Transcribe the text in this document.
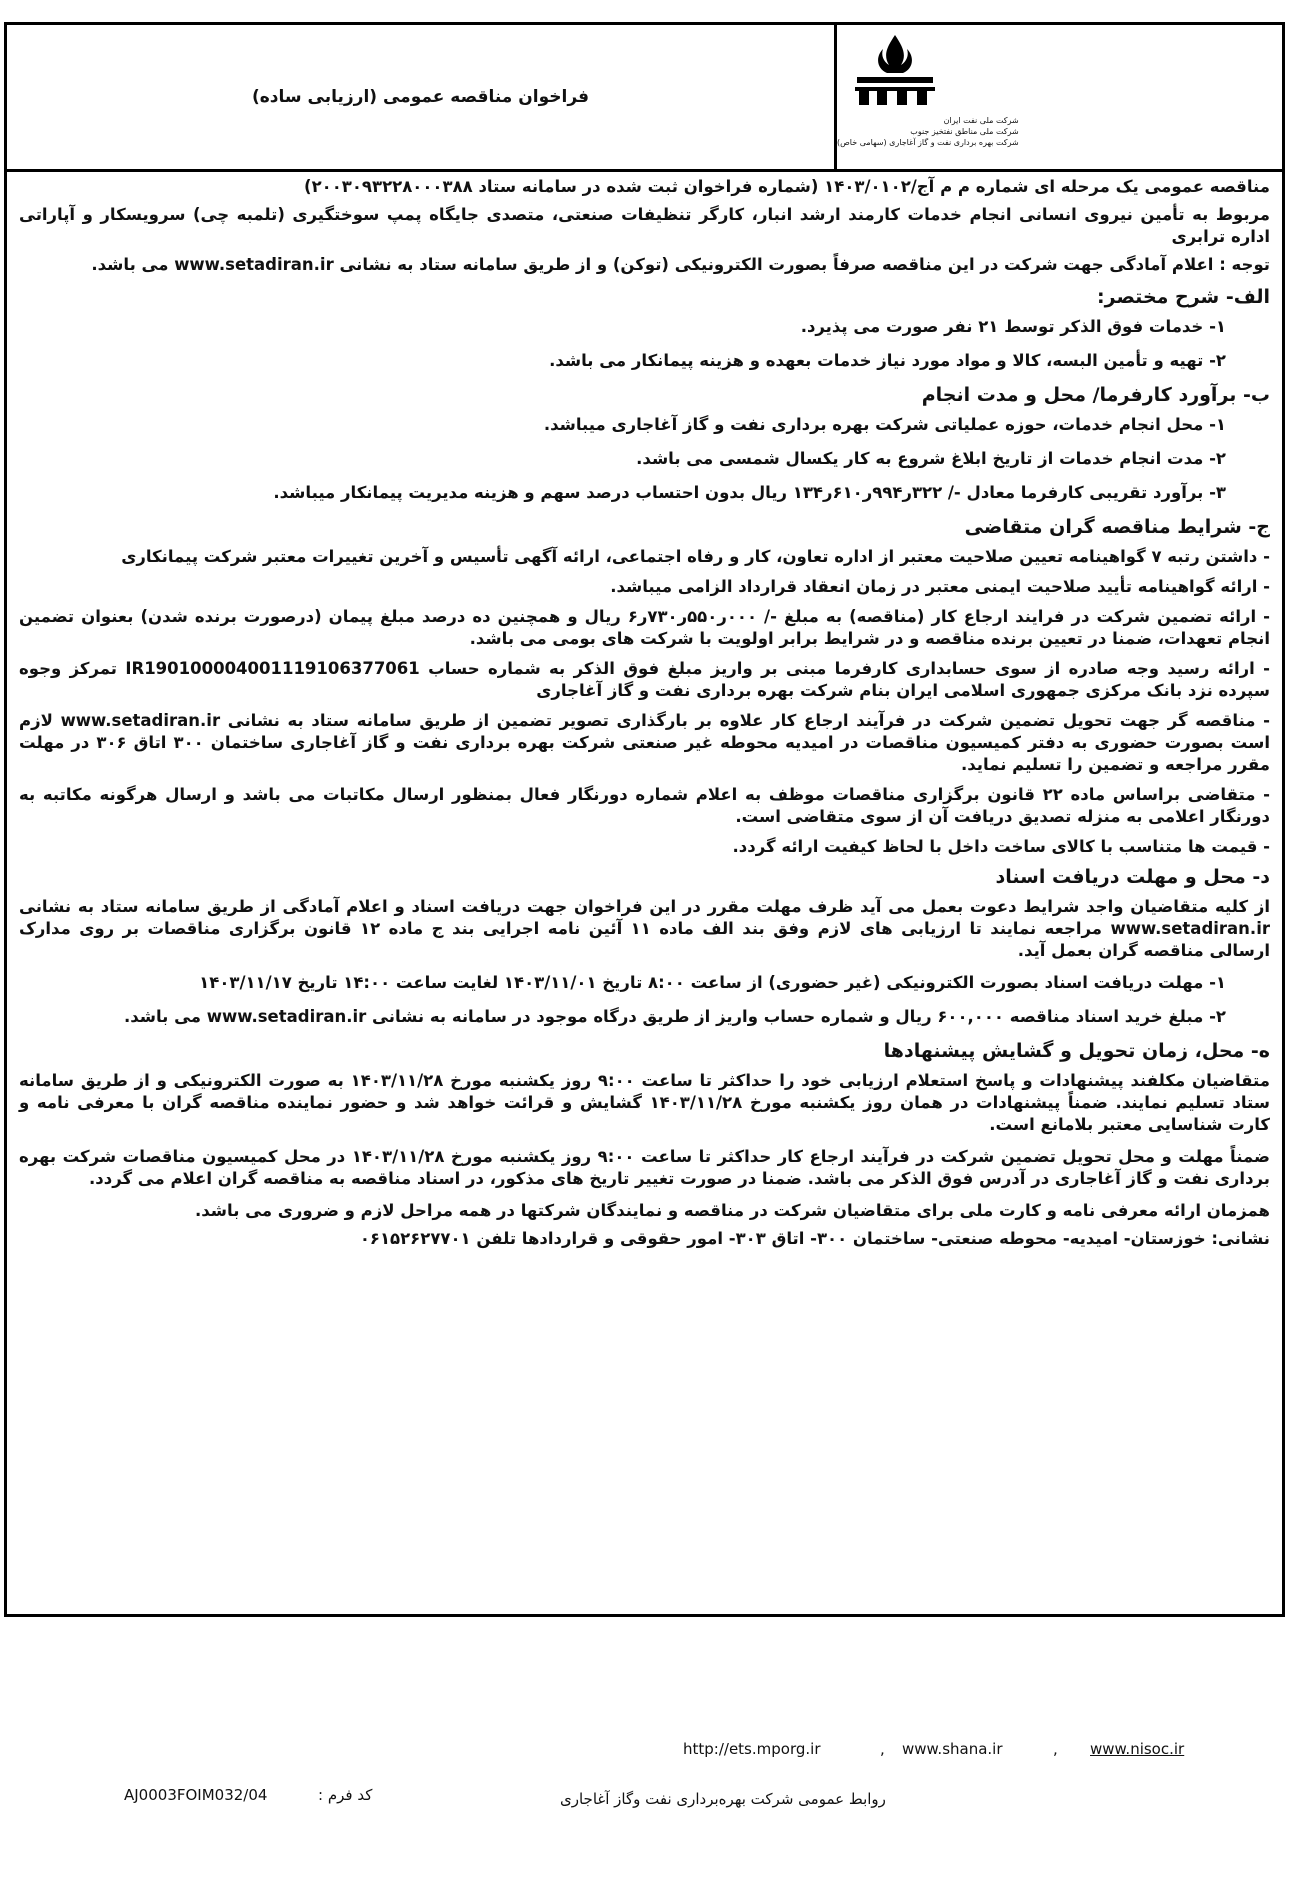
شرکت ملی نفت ایران
شرکت ملی مناطق نفتخیز جنوب
شرکت بهره برداری نفت و گاز آغاجاری (سهامی خاص)
فراخوان مناقصه عمومی (ارزیابی ساده)

مناقصه عمومی یک مرحله ای شماره م م آج/۱۴۰۳/۰۱۰۲ (شماره فراخوان ثبت شده در سامانه ستاد ۲۰۰۳۰۹۳۲۲۸۰۰۰۳۸۸)

مربوط به تأمین نیروی انسانی انجام خدمات کارمند ارشد انبار، کارگر تنظیفات صنعتی، متصدی جایگاه پمپ سوختگیری (تلمبه چی) سرویسکار و آپاراتی اداره ترابری

توجه : اعلام آمادگی جهت شرکت در این مناقصه صرفاً بصورت الکترونیکی (توکن) و از طریق سامانه ستاد به نشانی www.setadiran.ir می باشد.

الف- شرح مختصر:

۱- خدمات فوق الذکر توسط ۲۱ نفر صورت می پذیرد.

۲- تهیه و تأمین البسه، کالا و مواد مورد نیاز خدمات بعهده و هزینه پیمانکار می باشد.

ب- برآورد کارفرما/ محل و مدت انجام

۱- محل انجام خدمات، حوزه عملیاتی شرکت بهره برداری نفت و گاز آغاجاری میباشد.

۲- مدت انجام خدمات از تاریخ ابلاغ شروع به کار یکسال شمسی می باشد.

۳- برآورد تقریبی کارفرما معادل -/ ۳۲۲ر۹۹۴ر۶۱۰ر۱۳۴ ریال بدون احتساب درصد سهم و هزینه مدیریت پیمانکار میباشد.

ج- شرایط مناقصه گران متقاضی

- داشتن رتبه ۷ گواهینامه تعیین صلاحیت معتبر از اداره تعاون، کار و رفاه اجتماعی، ارائه آگهی تأسیس و آخرین تغییرات معتبر شرکت پیمانکاری

- ارائه گواهینامه تأیید صلاحیت ایمنی معتبر در زمان انعقاد قرارداد الزامی میباشد.

- ارائه تضمین شرکت در فرایند ارجاع کار (مناقصه) به مبلغ -/ ۰۰۰ر۵۵۰ر۷۳۰ر۶ ریال و همچنین ده درصد مبلغ پیمان (درصورت برنده شدن) بعنوان تضمین انجام تعهدات، ضمنا در تعیین برنده مناقصه و در شرایط برابر اولویت با شرکت های بومی می باشد.

- ارائه رسید وجه صادره از سوی حسابداری کارفرما مبنی بر واریز مبلغ فوق الذکر به شماره حساب IR190100004001119106377061 تمرکز وجوه سپرده نزد بانک مرکزی جمهوری اسلامی ایران بنام شرکت بهره برداری نفت و گاز آغاجاری

- مناقصه گر جهت تحویل تضمین شرکت در فرآیند ارجاع کار علاوه بر بارگذاری تصویر تضمین از طریق سامانه ستاد به نشانی www.setadiran.ir لازم است بصورت حضوری به دفتر کمیسیون مناقصات در امیدیه محوطه غیر صنعتی شرکت بهره برداری نفت و گاز آغاجاری ساختمان ۳۰۰ اتاق ۳۰۶ در مهلت مقرر مراجعه و تضمین را تسلیم نماید.

- متقاضی براساس ماده ۲۲ قانون برگزاری مناقصات موظف به اعلام شماره دورنگار فعال بمنظور ارسال مکاتبات می باشد و ارسال هرگونه مکاتبه به دورنگار اعلامی به منزله تصدیق دریافت آن از سوی متقاضی است.

- قیمت ها متناسب با کالای ساخت داخل با لحاظ کیفیت ارائه گردد.

د- محل و مهلت دریافت اسناد

از کلیه متقاضیان واجد شرایط دعوت بعمل می آید ظرف مهلت مقرر در این فراخوان جهت دریافت اسناد و اعلام آمادگی از طریق سامانه ستاد به نشانی www.setadiran.ir مراجعه نمایند تا ارزیابی های لازم وفق بند الف ماده ۱۱ آئین نامه اجرایی بند ج ماده ۱۲ قانون برگزاری مناقصات بر روی مدارک ارسالی مناقصه گران بعمل آید.

۱- مهلت دریافت اسناد بصورت الکترونیکی (غیر حضوری) از ساعت ۸:۰۰ تاریخ ۱۴۰۳/۱۱/۰۱ لغایت ساعت ۱۴:۰۰ تاریخ ۱۴۰۳/۱۱/۱۷

۲- مبلغ خرید اسناد مناقصه ۶۰۰,۰۰۰ ریال و شماره حساب واریز از طریق درگاه موجود در سامانه به نشانی www.setadiran.ir می باشد.

ه- محل، زمان تحویل و گشایش پیشنهادها

متقاضیان مکلفند پیشنهادات و پاسخ استعلام ارزیابی خود را حداکثر تا ساعت ۹:۰۰ روز یکشنبه مورخ ۱۴۰۳/۱۱/۲۸ به صورت الکترونیکی و از طریق سامانه ستاد تسلیم نمایند. ضمناً پیشنهادات در همان روز یکشنبه مورخ ۱۴۰۳/۱۱/۲۸ گشایش و قرائت خواهد شد و حضور نماینده مناقصه گران با معرفی نامه و کارت شناسایی معتبر بلامانع است.

ضمناً مهلت و محل تحویل تضمین شرکت در فرآیند ارجاع کار حداکثر تا ساعت ۹:۰۰ روز یکشنبه مورخ ۱۴۰۳/۱۱/۲۸ در محل کمیسیون مناقصات شرکت بهره برداری نفت و گاز آغاجاری در آدرس فوق الذکر می باشد. ضمنا در صورت تغییر تاریخ های مذکور، در اسناد مناقصه به مناقصه گران اعلام می گردد.

همزمان ارائه معرفی نامه و کارت ملی برای متقاضیان شرکت در مناقصه و نمایندگان شرکتها در همه مراحل لازم و ضروری می باشد.

نشانی: خوزستان- امیدیه- محوطه صنعتی- ساختمان ۳۰۰- اتاق ۳۰۳- امور حقوقی و قراردادها تلفن ۰۶۱۵۲۶۲۷۷۰۱

http://ets.mporg.ir	, www.shana.ir	, www.nisoc.ir
AJ0003FOIM032/04	کد فرم :	روابط عمومی شرکت بهره‌برداری نفت وگاز آغاجاری
